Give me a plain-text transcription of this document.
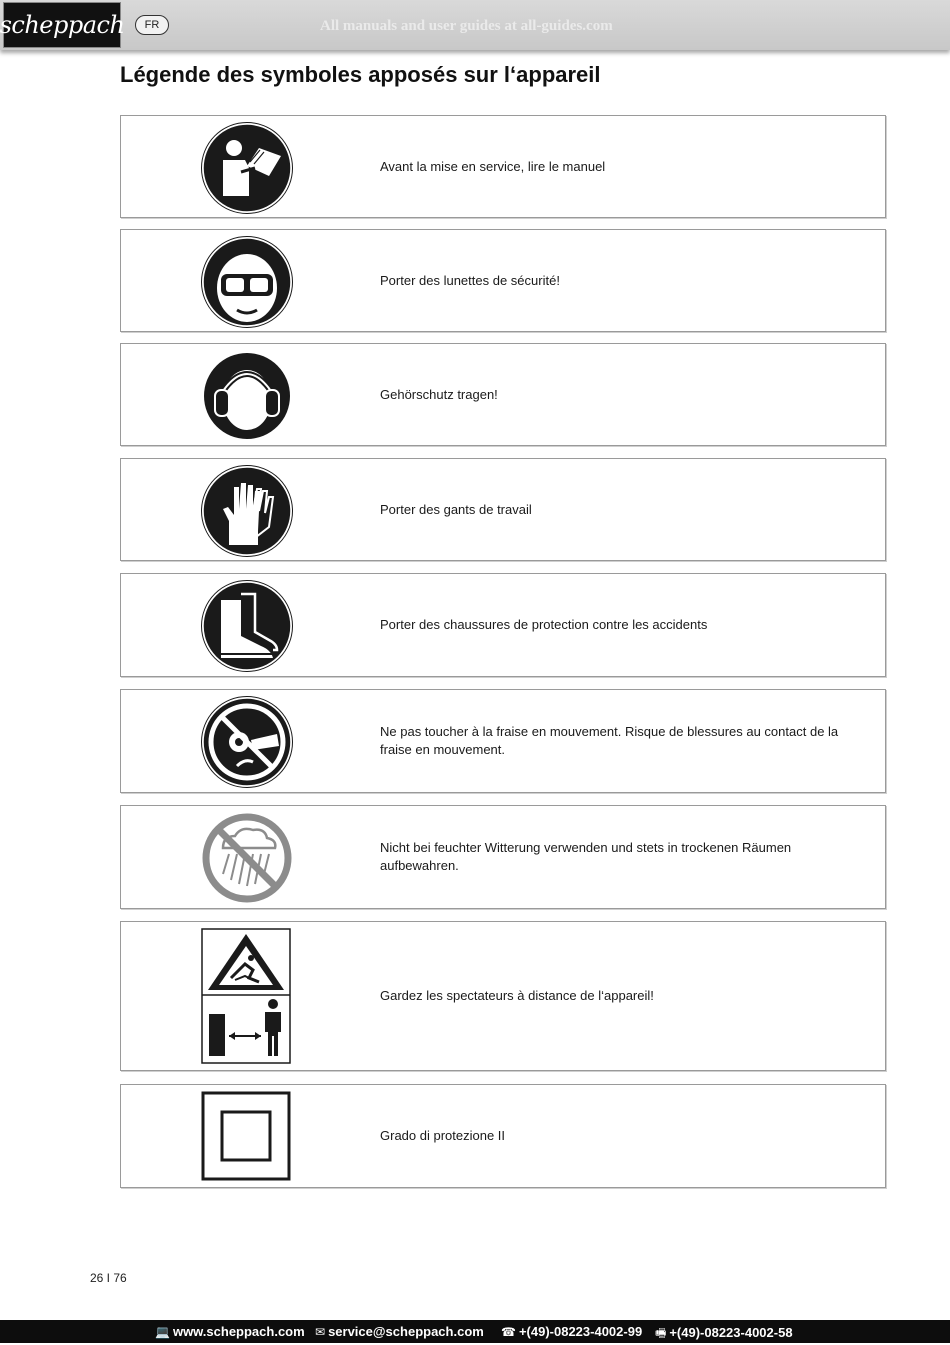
scheppach	FR	All manuals and user guides at all-guides.com
Légende des symboles apposés sur l‘appareil
Avant la mise en service, lire le manuel
Porter des lunettes de sécurité!
Gehörschutz tragen!
Porter des gants de travail
Porter des chaussures de protection contre les accidents
Ne pas toucher à la fraise en mouvement. Risque de blessures au contact de la fraise en mouvement.
Nicht bei feuchter Witterung verwenden und stets in trockenen Räumen aufbewahren.
Gardez les spectateurs à distance de l‘appareil!
Grado di protezione II
26 I 76
💻 www.scheppach.com ✉ service@scheppach.com ☎ +(49)-08223-4002-99 🖷 +(49)-08223-4002-58
